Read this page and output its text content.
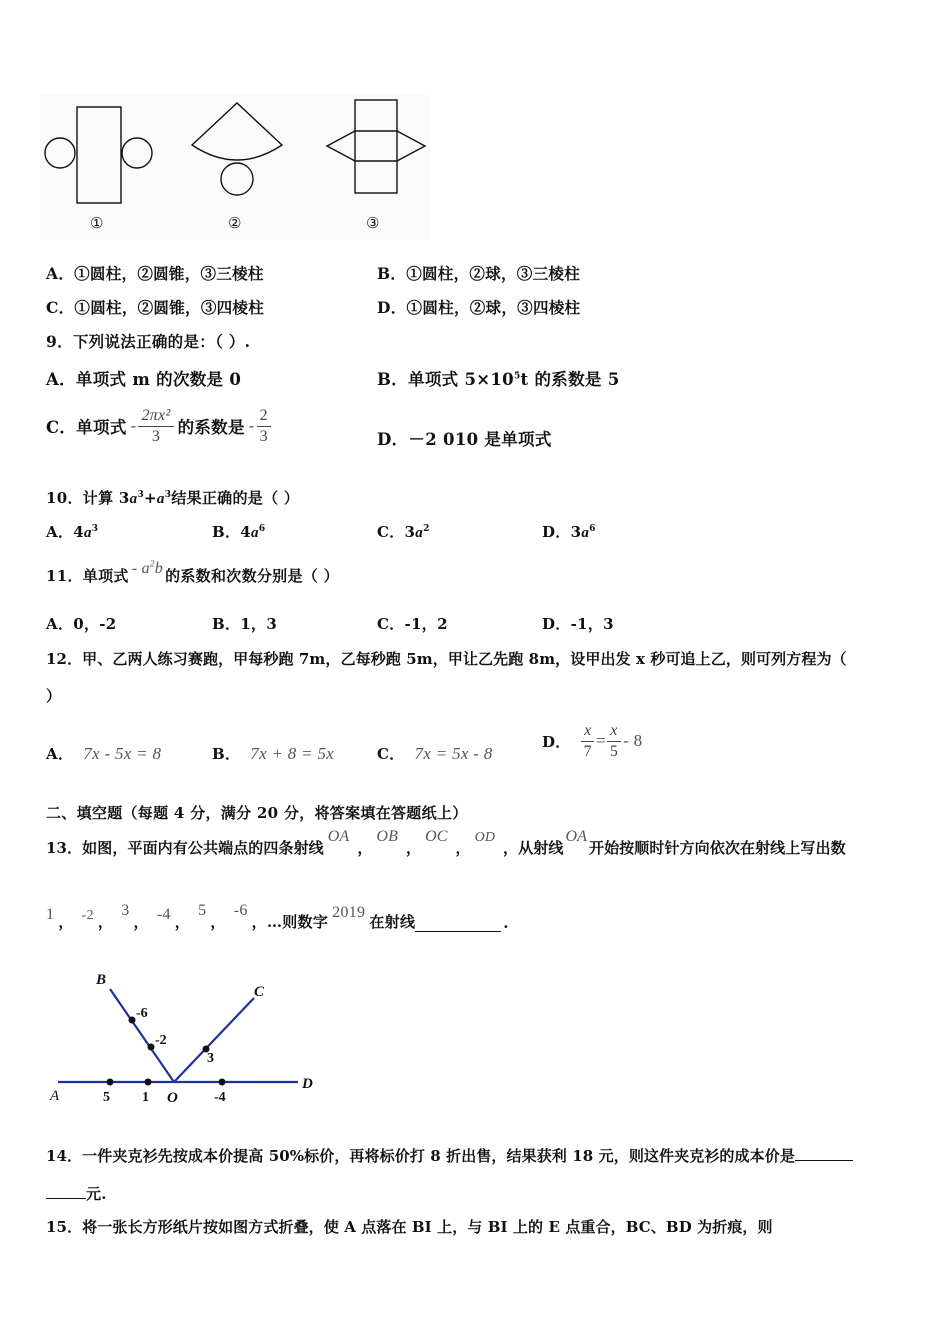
①	②	③
A．①圆柱，②圆锥，③三棱柱	B．①圆柱，②球，③三棱柱
C．①圆柱，②圆锥，③四棱柱	D．①圆柱，②球，③四棱柱
9．下列说法正确的是：（ ）.
A．单项式 m 的次数是 0	B．单项式 $5\times 10^5t$ 的系数是 5
C．单项式 - $\frac{\text{2πx²}}{3}$ 的系数是 - $\frac{2}{3}$	D．－2 010 是单项式
10．计算 $3a^3+a^3$结果正确的是（ ）
A．$4a^3$	B．$4a^6$	C．$3a^2$	D．$3a^6$
11．单项式 - $a^2b$ 的系数和次数分别是（ ）
A．0，-2	B．1，3	C．-1，2	D．-1，3
12．甲、乙两人练习赛跑，甲每秒跑 7m，乙每秒跑 5m，甲让乙先跑 8m，设甲出发 x 秒可追上乙，则可列方程为（
）
A． 7x - 5x = 8	B． 7x + 8 = 5x	C． 7x = 5x - 8
D． $\frac{x}{7} = \frac{x}{5} - 8$
二、填空题（每题 4 分，满分 20 分，将答案填在答题纸上）
13．如图，平面内有公共端点的四条射线
OA
，
OB
，
OC
，
OD
，从射线
OA
开始按顺时针方向依次在射线上写出数
1 ， -2 ，
3
， -4 ，
5
，
-6
，…则数字
2019
在射线	.
A
B
C
D
O
-6
-2
3
5 1	-4
14．一件夹克衫先按成本价提高 50%标价，再将标价打 8 折出售，结果获利 18 元，则这件夹克衫的成本价是
元.
15．将一张长方形纸片按如图方式折叠，使 A 点落在 BI 上，与 BI 上的 E 点重合，BC、BD 为折痕，则
